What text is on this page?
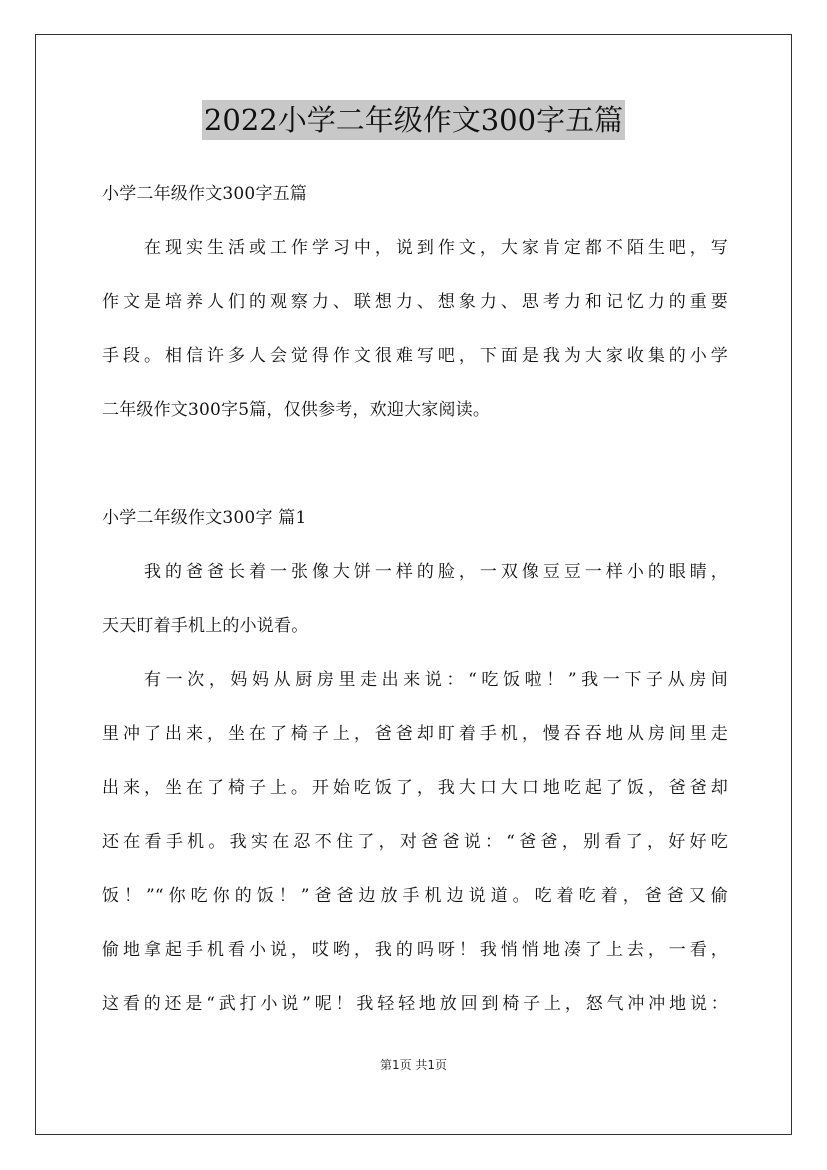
2022小学二年级作文300字五篇
小学二年级作文300字五篇
在现实生活或工作学习中，说到作文，大家肯定都不陌生吧，写
作文是培养人们的观察力、联想力、想象力、思考力和记忆力的重要
手段。相信许多人会觉得作文很难写吧，下面是我为大家收集的小学
二年级作文300字5篇，仅供参考，欢迎大家阅读。
小学二年级作文300字 篇1
我的爸爸长着一张像大饼一样的脸，一双像豆豆一样小的眼睛，
天天盯着手机上的小说看。
有一次，妈妈从厨房里走出来说：“吃饭啦！”我一下子从房间
里冲了出来，坐在了椅子上，爸爸却盯着手机，慢吞吞地从房间里走
出来，坐在了椅子上。开始吃饭了，我大口大口地吃起了饭，爸爸却
还在看手机。我实在忍不住了，对爸爸说：“爸爸，别看了，好好吃
饭！”“你吃你的饭！”爸爸边放手机边说道。吃着吃着，爸爸又偷
偷地拿起手机看小说，哎哟，我的吗呀！我悄悄地凑了上去，一看，
这看的还是“武打小说”呢！我轻轻地放回到椅子上，怒气冲冲地说：
第1页 共1页
